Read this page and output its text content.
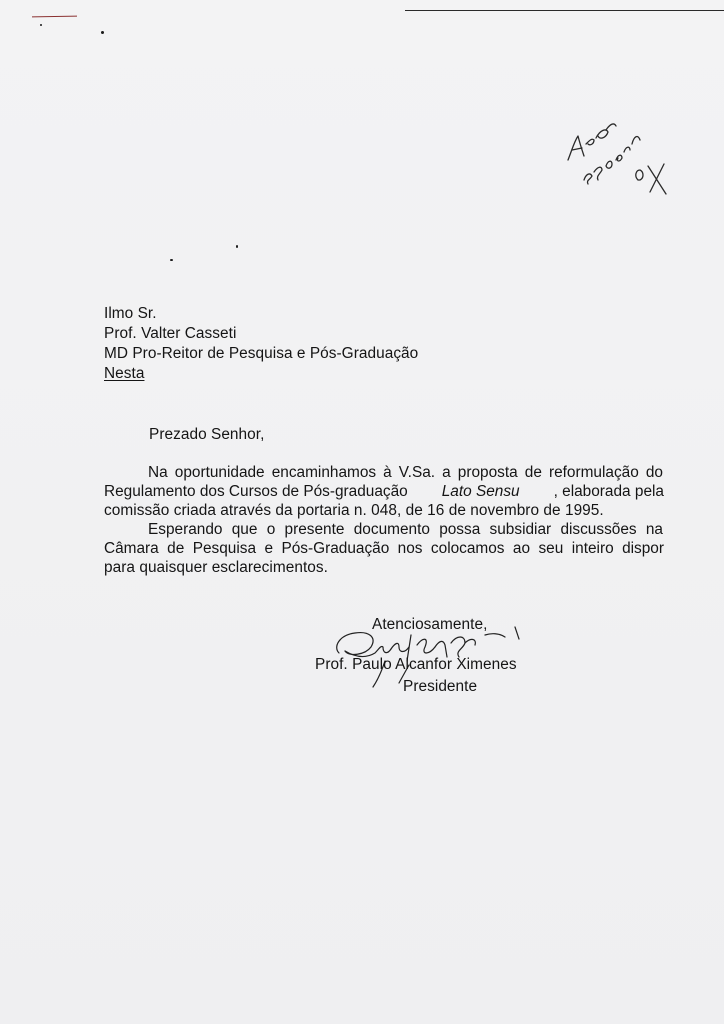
Ilmo Sr.
Prof. Valter Casseti
MD Pro-Reitor de Pesquisa e Pós-Graduação
Nesta
Prezado Senhor,
Na oportunidade encaminhamos à V.Sa. a proposta de reformulação do
Regulamento dos Cursos de Pós-graduação Lato Sensu , elaborada pela
comissão criada através da portaria n. 048, de 16 de novembro de 1995.
Esperando que o presente documento possa subsidiar discussões na
Câmara de Pesquisa e Pós-Graduação nos colocamos ao seu inteiro dispor
para quaisquer esclarecimentos.
Atenciosamente,
Prof. Paulo Alcanfor Ximenes
Presidente
